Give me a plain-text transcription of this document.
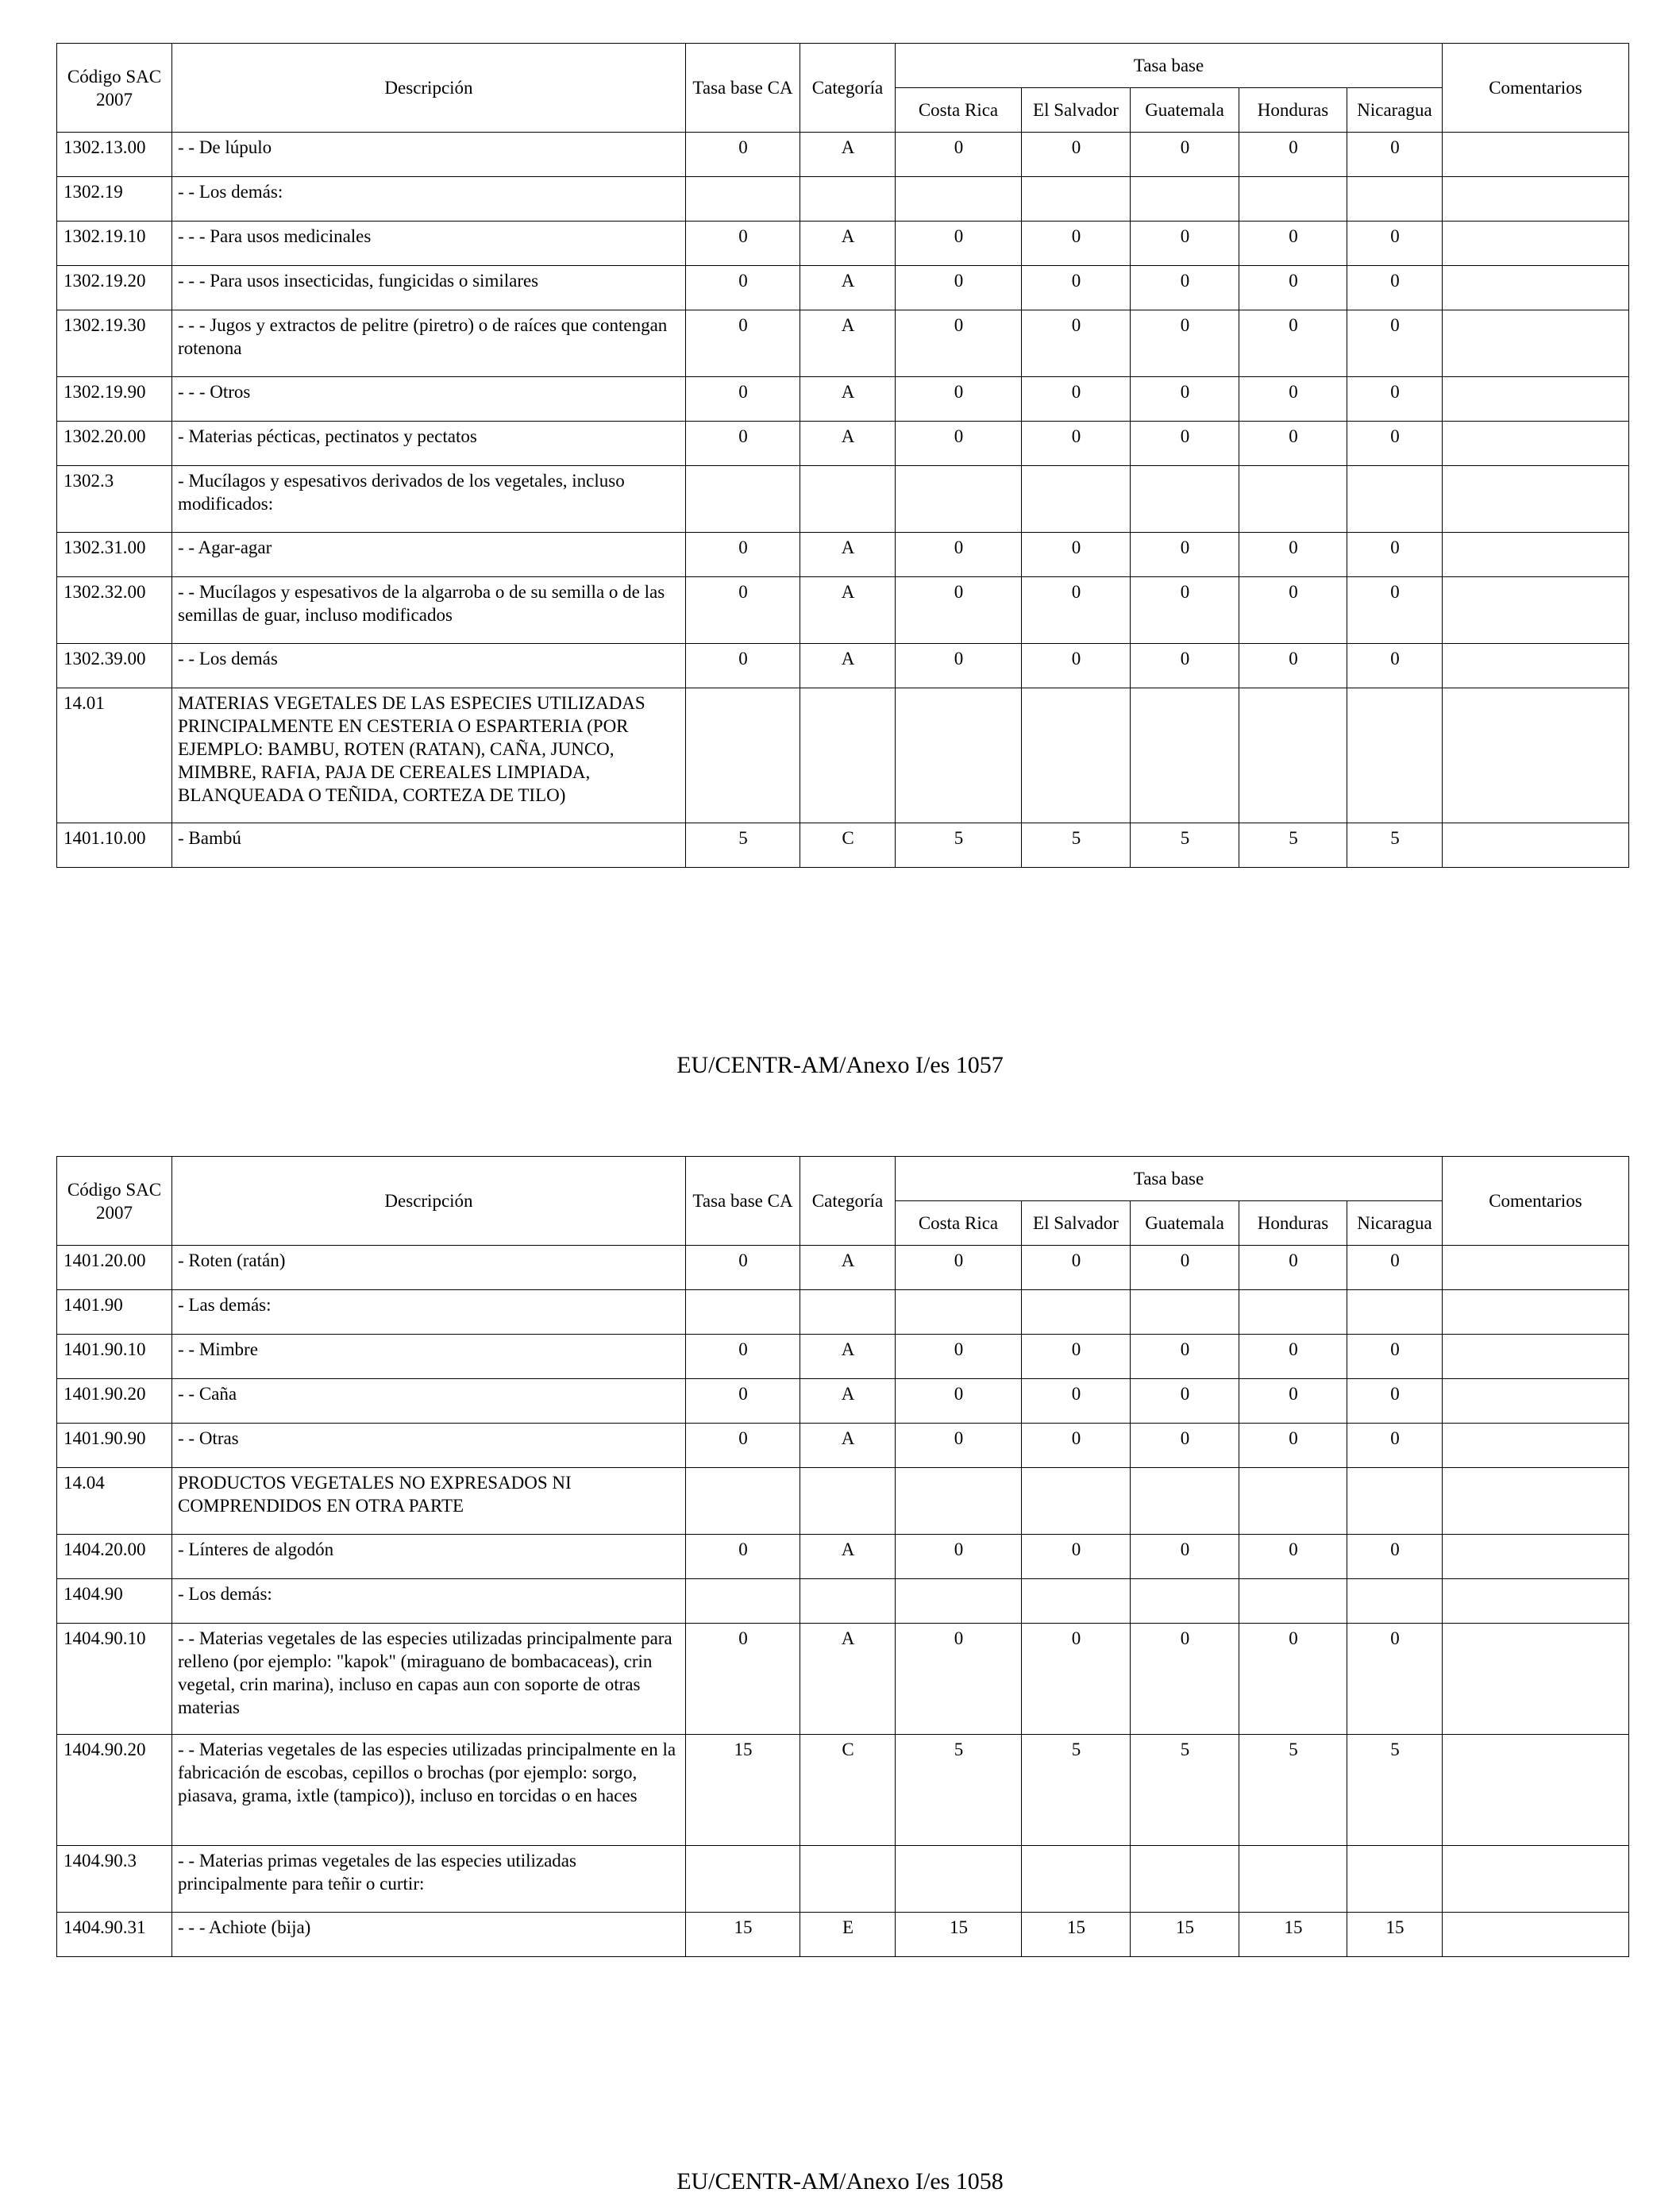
Código SAC 2007	Descripción	Tasa base CA	Categoría	Tasa base					Comentarios
				Costa Rica	El Salvador	Guatemala	Honduras	Nicaragua	
1302.13.00	- - De lúpulo	0	A	0	0	0	0	0	
1302.19	- - Los demás:								
1302.19.10	- - - Para usos medicinales	0	A	0	0	0	0	0	
1302.19.20	- - - Para usos insecticidas, fungicidas o similares	0	A	0	0	0	0	0	
1302.19.30	- - - Jugos y extractos de pelitre (piretro) o de raíces que contengan rotenona	0	A	0	0	0	0	0	
1302.19.90	- - - Otros	0	A	0	0	0	0	0	
1302.20.00	- Materias pécticas, pectinatos y pectatos	0	A	0	0	0	0	0	
1302.3	- Mucílagos y espesativos derivados de los vegetales, incluso modificados:								
1302.31.00	- - Agar-agar	0	A	0	0	0	0	0	
1302.32.00	- - Mucílagos y espesativos de la algarroba o de su semilla o de las semillas de guar, incluso modificados	0	A	0	0	0	0	0	
1302.39.00	- - Los demás	0	A	0	0	0	0	0	
14.01	MATERIAS VEGETALES DE LAS ESPECIES UTILIZADAS PRINCIPALMENTE EN CESTERIA O ESPARTERIA (POR EJEMPLO: BAMBU, ROTEN (RATAN), CAÑA, JUNCO, MIMBRE, RAFIA, PAJA DE CEREALES LIMPIADA, BLANQUEADA O TEÑIDA, CORTEZA DE TILO)								
1401.10.00	- Bambú	5	C	5	5	5	5	5	
EU/CENTR-AM/Anexo I/es 1057
Código SAC 2007	Descripción	Tasa base CA	Categoría	Tasa base					Comentarios
				Costa Rica	El Salvador	Guatemala	Honduras	Nicaragua	
1401.20.00	- Roten (ratán)	0	A	0	0	0	0	0	
1401.90	- Las demás:								
1401.90.10	- - Mimbre	0	A	0	0	0	0	0	
1401.90.20	- - Caña	0	A	0	0	0	0	0	
1401.90.90	- - Otras	0	A	0	0	0	0	0	
14.04	PRODUCTOS VEGETALES NO EXPRESADOS NI COMPRENDIDOS EN OTRA PARTE								
1404.20.00	- Línteres de algodón	0	A	0	0	0	0	0	
1404.90	- Los demás:								
1404.90.10	- - Materias vegetales de las especies utilizadas principalmente para relleno (por ejemplo: "kapok" (miraguano de bombacaceas), crin vegetal, crin marina), incluso en capas aun con soporte de otras materias	0	A	0	0	0	0	0	
1404.90.20	- - Materias vegetales de las especies utilizadas principalmente en la fabricación de escobas, cepillos o brochas (por ejemplo: sorgo, piasava, grama, ixtle (tampico)), incluso en torcidas o en haces	15	C	5	5	5	5	5	
1404.90.3	- - Materias primas vegetales de las especies utilizadas principalmente para teñir o curtir:								
1404.90.31	- - - Achiote (bija)	15	E	15	15	15	15	15	
EU/CENTR-AM/Anexo I/es 1058
